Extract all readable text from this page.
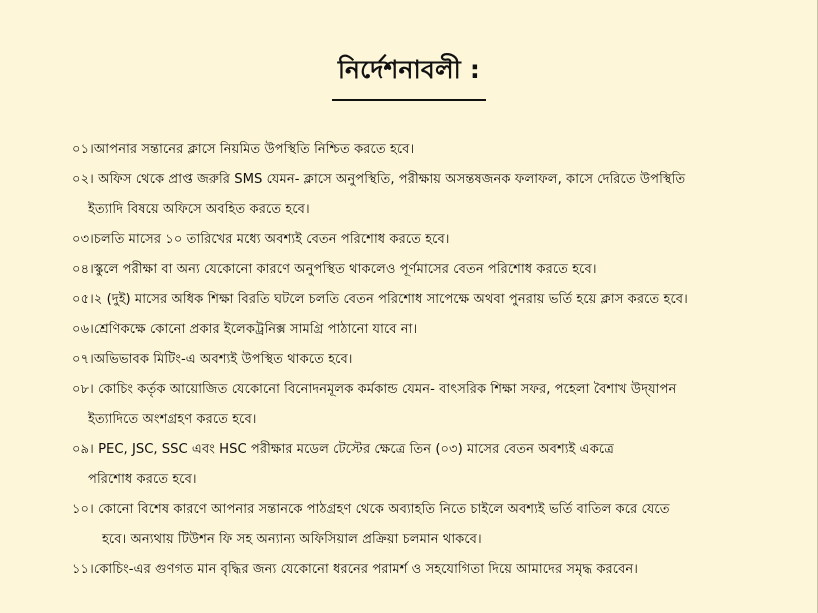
নির্দেশনাবলী :
০১। আপনার সন্তানের ক্লাসে নিয়মিত উপস্থিতি নিশ্চিত করতে হবে।
০২। অফিস থেকে প্রাপ্ত জরুরি SMS যেমন- ক্লাসে অনুপস্থিতি, পরীক্ষায় অসন্তষজনক ফলাফল, কাসে দেরিতে উপস্থিতি
ইত্যাদি বিষয়ে অফিসে অবহিত করতে হবে।
০৩। চলতি মাসের ১০ তারিখের মধ্যে অবশ্যই বেতন পরিশোধ করতে হবে।
০৪। স্কুলে পরীক্ষা বা অন্য যেকোনো কারণে অনুপস্থিত থাকলেও পূর্ণমাসের বেতন পরিশোধ করতে হবে।
০৫। ২ (দুই) মাসের অধিক শিক্ষা বিরতি ঘটলে চলতি বেতন পরিশোধ সাপেক্ষে অথবা পুনরায় ভর্তি হয়ে ক্লাস করতে হবে।
০৬। শ্রেণিকক্ষে কোনো প্রকার ইলেকট্রনিক্স সামগ্রি পাঠানো যাবে না।
০৭। অভিভাবক মিটিং-এ অবশ্যই উপস্থিত থাকতে হবে।
০৮। কোচিং কর্তৃক আয়োজিত যেকোনো বিনোদনমূলক কর্মকান্ড যেমন- বাৎসরিক শিক্ষা সফর, পহেলা বৈশাখ উদ্‌যাপন
ইত্যাদিতে অংশগ্রহণ করতে হবে।
০৯। PEC, JSC, SSC এবং HSC পরীক্ষার মডেল টেস্টের ক্ষেত্রে তিন (০৩) মাসের বেতন অবশ্যই একত্রে
পরিশোধ করতে হবে।
১০। কোনো বিশেষ কারণে আপনার সন্তানকে পাঠগ্রহণ থেকে অব্যাহতি নিতে চাইলে অবশ্যই ভর্তি বাতিল করে যেতে
হবে। অন্যথায় টিউশন ফি সহ অন্যান্য অফিসিয়াল প্রক্রিয়া চলমান থাকবে।
১১। কোচিং-এর গুণগত মান বৃদ্ধির জন্য যেকোনো ধরনের পরামর্শ ও সহযোগিতা দিয়ে আমাদের সমৃদ্ধ করবেন।
